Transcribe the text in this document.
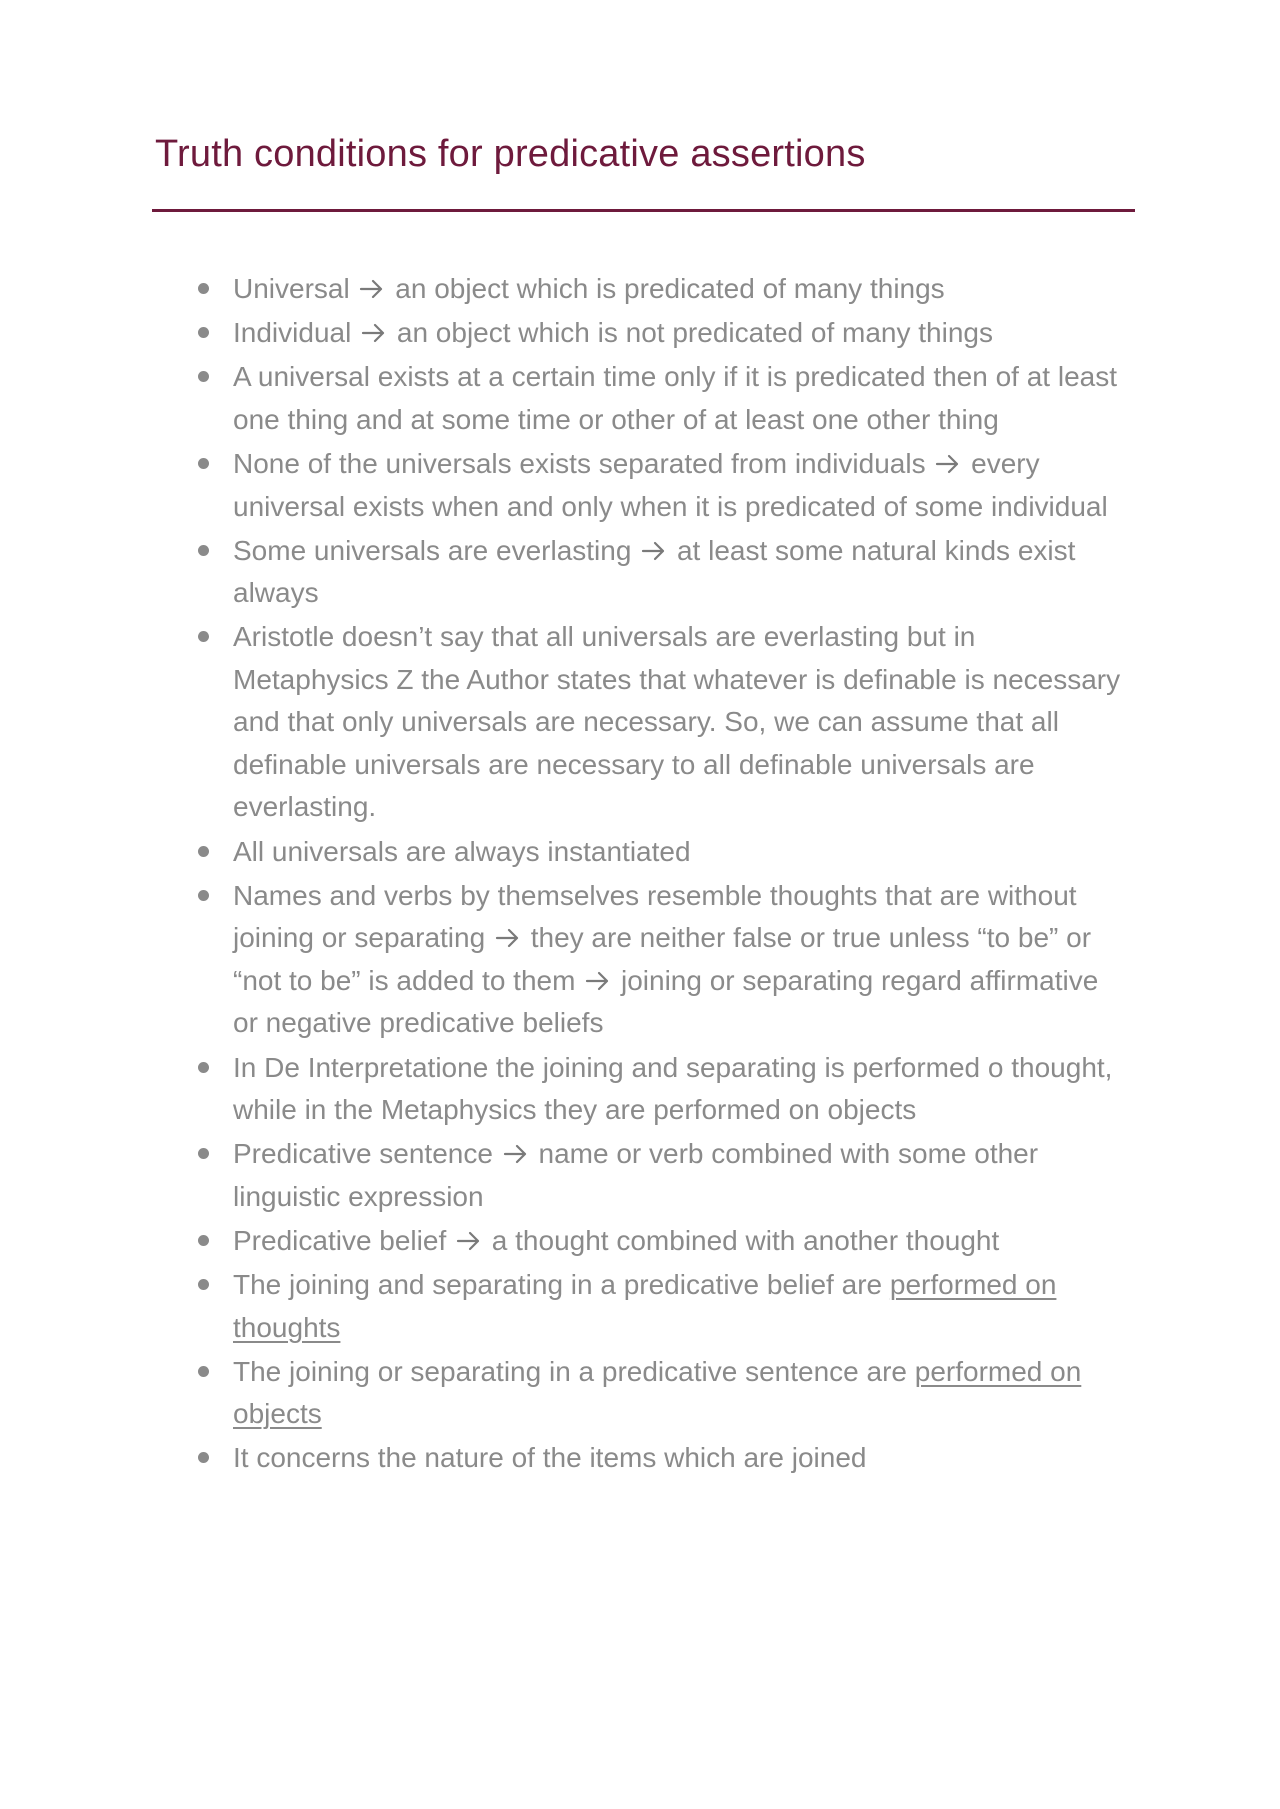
Truth conditions for predicative assertions
Universal  an object which is predicated of many things
Individual  an object which is not predicated of many things
A universal exists at a certain time only if it is predicated then of at least one thing and at some time or other of at least one other thing
None of the universals exists separated from individuals  every universal exists when and only when it is predicated of some individual
Some universals are everlasting  at least some natural kinds exist always
Aristotle doesn’t say that all universals are everlasting but in Metaphysics Z the Author states that whatever is definable is necessary and that only universals are necessary. So, we can assume that all definable universals are necessary to all definable universals are everlasting.
All universals are always instantiated
Names and verbs by themselves resemble thoughts that are without joining or separating  they are neither false or true unless “to be” or “not to be” is added to them  joining or separating regard affirmative or negative predicative beliefs
In De Interpretatione the joining and separating is performed o thought, while in the Metaphysics they are performed on objects
Predicative sentence  name or verb combined with some other linguistic expression
Predicative belief  a thought combined with another thought
The joining and separating in a predicative belief are performed on thoughts
The joining or separating in a predicative sentence are performed on objects
It concerns the nature of the items which are joined
